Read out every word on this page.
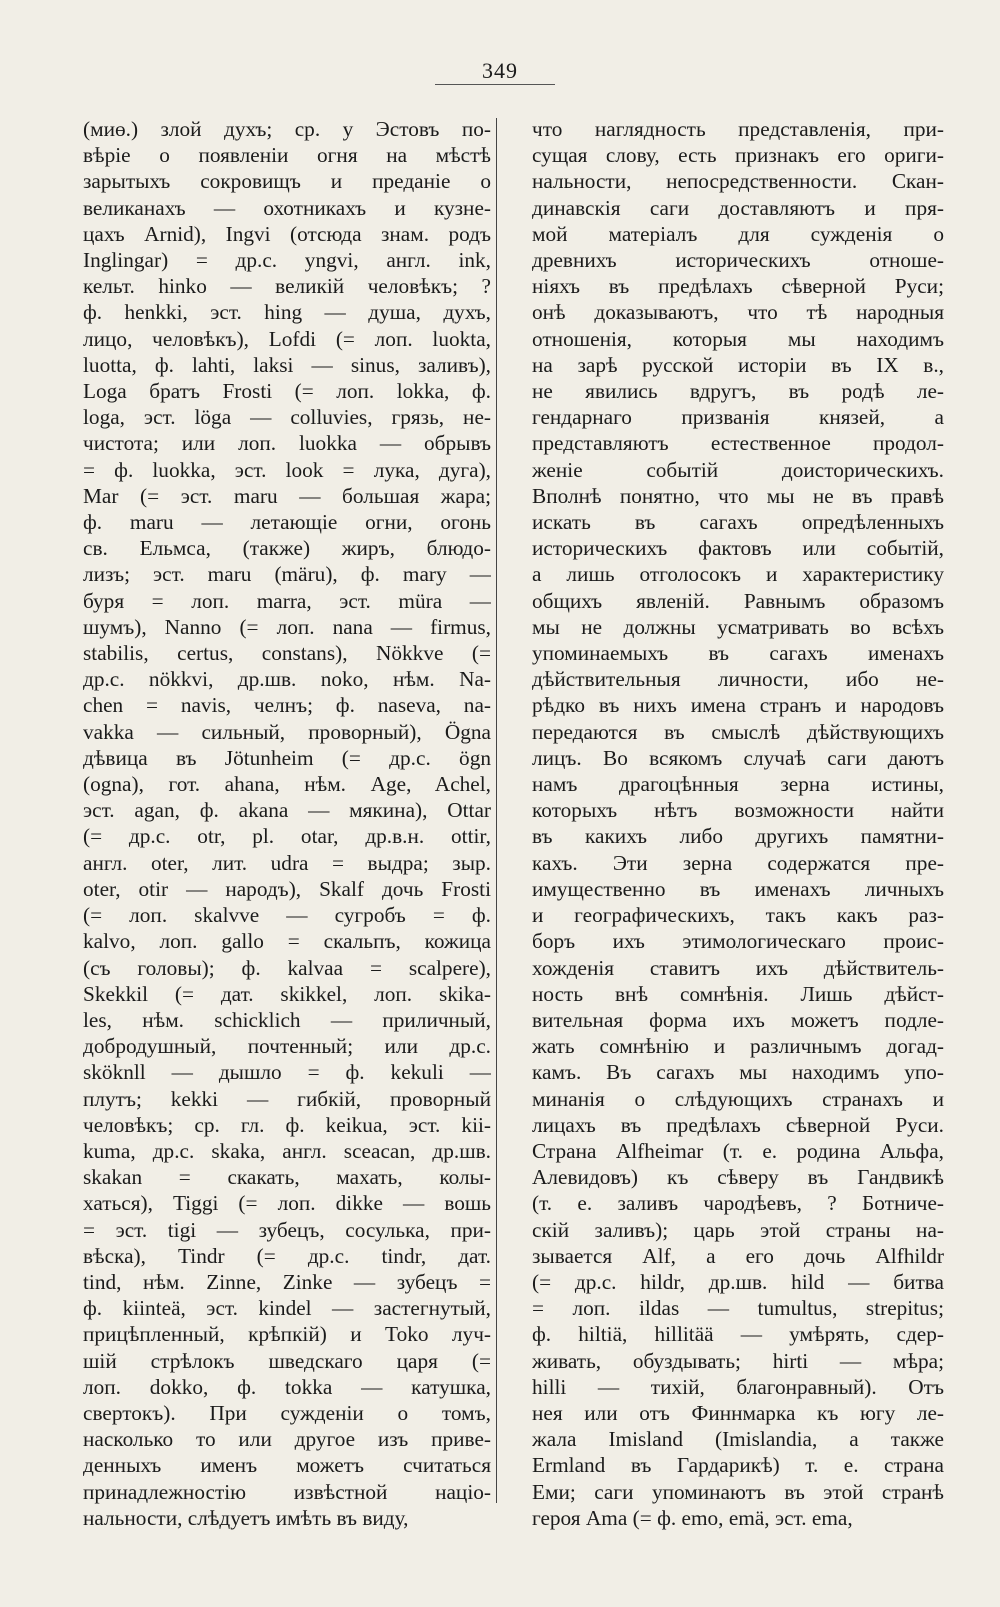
349
(миө.) злой духъ; ср. у Эстовъ по-
вѣріе о появленіи огня на мѣстѣ
зарытыхъ сокровищъ и преданіе о
великанахъ — охотникахъ и кузне-
цахъ Arnid), Ingvi (отсюда знам. родъ
Inglingar) = др.с. yngvi, англ. ink,
кельт. hinko — великій человѣкъ; ?
ф. henkki, эст. hing — душа, духъ,
лицо, человѣкъ), Lofdi (= лоп. luokta,
luotta, ф. lahti, laksi — sinus, заливъ),
Loga братъ Frosti (= лоп. lokka, ф.
loga, эст. löga — colluvies, грязь, не-
чистота; или лоп. luokka — обрывъ
= ф. luokka, эст. look = лука, дуга),
Mar (= эст. maru — большая жара;
ф. maru — летающіе огни, огонь
св. Ельмса, (также) жиръ, блюдо-
лизъ; эст. maru (märu), ф. mary —
буря = лоп. marra, эст. müra —
шумъ), Nanno (= лоп. nana — firmus,
stabilis, certus, constans), Nökkve (=
др.с. nökkvi, др.шв. noko, нѣм. Na-
chen = navis, челнъ; ф. naseva, na-
vakka — сильный, проворный), Ögna
дѣвица въ Jötunheim (= др.с. ögn
(ogna), гот. ahana, нѣм. Age, Achel,
эст. agan, ф. akana — мякина), Ottar
(= др.с. otr, pl. otar, др.в.н. ottir,
англ. oter, лит. udra = выдра; зыр.
oter, otir — народъ), Skalf дочь Frosti
(= лоп. skalvve — сугробъ = ф.
kalvo, лоп. gallo = скальпъ, кожица
(съ головы); ф. kalvaa = scalpere),
Skekkil (= дат. skikkel, лоп. skika-
les, нѣм. schicklich — приличный,
добродушный, почтенный; или др.с.
sköknll — дышло = ф. kekuli —
плутъ; kekki — гибкій, проворный
человѣкъ; ср. гл. ф. keikua, эст. kii-
kuma, др.с. skaka, англ. sceacan, др.шв.
skakan = скакать, махать, колы-
хаться), Tiggi (= лоп. dikke — вошь
= эст. tigi — зубецъ, сосулька, при-
вѣска), Tindr (= др.с. tindr, дат.
tind, нѣм. Zinne, Zinke — зубецъ =
ф. kiinteä, эст. kindel — застегнутый,
прицѣпленный, крѣпкій) и Toko луч-
шій стрѣлокъ шведскаго царя (=
лоп. dokko, ф. tokka — катушка,
свертокъ). При сужденіи о томъ,
насколько то или другое изъ приве-
денныхъ именъ можетъ считаться
принадлежностію извѣстной націо-
нальности, слѣдуетъ имѣть въ виду,
что наглядность представленія, при-
сущая слову, есть признакъ его ориги-
нальности, непосредственности. Скан-
динавскія саги доставляютъ и пря-
мой матеріалъ для сужденія о
древнихъ историческихъ отноше-
ніяхъ въ предѣлахъ сѣверной Руси;
онѣ доказываютъ, что тѣ народныя
отношенія, которыя мы находимъ
на зарѣ русской исторіи въ IX в.,
не явились вдругъ, въ родѣ ле-
гендарнаго призванія князей, а
представляютъ естественное продол-
женіе событій доисторическихъ.
Вполнѣ понятно, что мы не въ правѣ
искать въ сагахъ опредѣленныхъ
историческихъ фактовъ или событій,
а лишь отголосокъ и характеристику
общихъ явленій. Равнымъ образомъ
мы не должны усматривать во всѣхъ
упоминаемыхъ въ сагахъ именахъ
дѣйствительныя личности, ибо не-
рѣдко въ нихъ имена странъ и народовъ
передаются въ смыслѣ дѣйствующихъ
лицъ. Во всякомъ случаѣ саги даютъ
намъ драгоцѣнныя зерна истины,
которыхъ нѣтъ возможности найти
въ какихъ либо другихъ памятни-
кахъ. Эти зерна содержатся пре-
имущественно въ именахъ личныхъ
и географическихъ, такъ какъ раз-
боръ ихъ этимологическаго проис-
хожденія ставитъ ихъ дѣйствитель-
ность внѣ сомнѣнія. Лишь дѣйст-
вительная форма ихъ можетъ подле-
жать сомнѣнію и различнымъ догад-
камъ. Въ сагахъ мы находимъ упо-
минанія о слѣдующихъ странахъ и
лицахъ въ предѣлахъ сѣверной Руси.
Страна Alfheimar (т. е. родина Альфа,
Алевидовъ) къ сѣверу въ Гандвикѣ
(т. е. заливъ чародѣевъ, ? Ботниче-
скій заливъ); царь этой страны на-
зывается Alf, а его дочь Alfhildr
(= др.с. hildr, др.шв. hild — битва
= лоп. ildas — tumultus, strepitus;
ф. hiltiä, hillitää — умѣрять, сдер-
живать, обуздывать; hirti — мѣра;
hilli — тихій, благонравный). Отъ
нея или отъ Финнмарка къ югу ле-
жала Imisland (Imislandia, а также
Ermland въ Гардарикѣ) т. е. страна
Еми; саги упоминаютъ въ этой странѣ
героя Ama (= ф. emo, emä, эст. ema,
